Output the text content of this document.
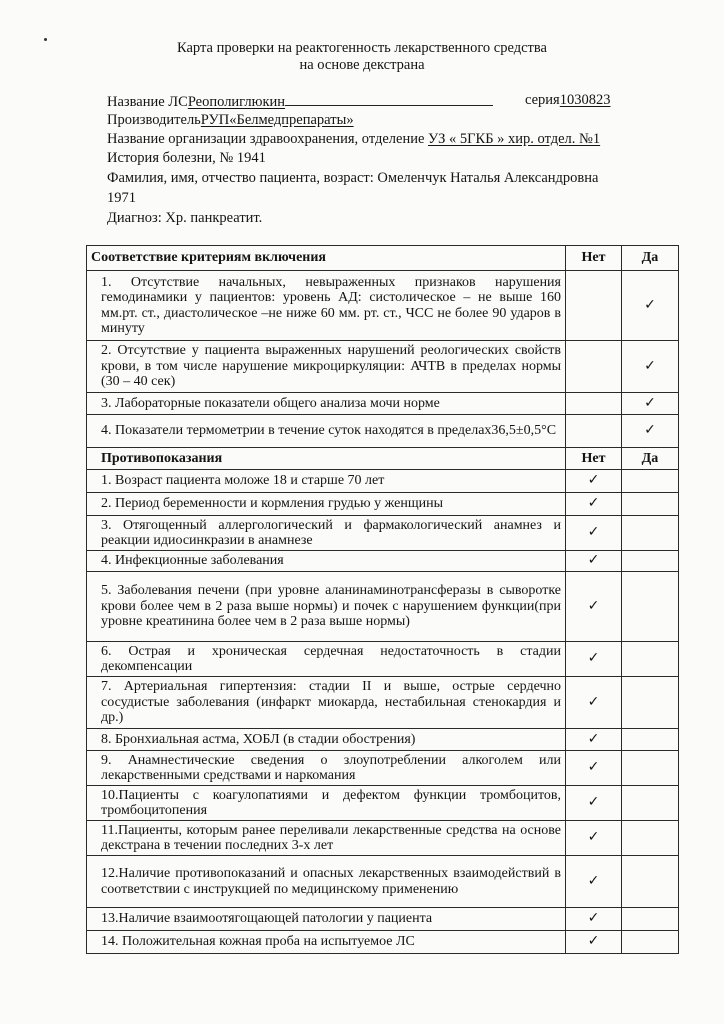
Карта проверки на реактогенность лекарственного средства
на основе декстрана
Название ЛСРеополиглюкин	серия1030823
ПроизводительРУП«Белмедпрепараты»
Название организации здравоохранения, отделение УЗ « 5ГКБ » хир. отдел. №1
История болезни, № 1941
Фамилия, имя, отчество пациента, возраст: Омеленчук Наталья Александровна
1971
Диагноз: Хр. панкреатит.
Соответствие критериям включения	Нет	Да
1. Отсутствие начальных, невыраженных признаков нарушения гемодинамики у пациентов: уровень АД: систолическое – не выше 160 мм.рт. ст., диастолическое –не ниже 60 мм. рт. ст., ЧСС не более 90 ударов в минуту		✓
2. Отсутствие у пациента выраженных нарушений реологических свойств крови, в том числе нарушение микроциркуляции: АЧТВ в пределах нормы (30 – 40 сек)		✓
3. Лабораторные показатели общего анализа мочи норме		✓
4. Показатели термометрии в течение суток находятся в пределах36,5±0,5°С		✓
Противопоказания	Нет	Да
1. Возраст пациента моложе 18 и старше 70 лет	✓	
2. Период беременности и кормления грудью у женщины	✓	
3. Отягощенный аллергологический и фармакологический анамнез и реакции идиосинкразии в анамнезе	✓	
4. Инфекционные заболевания	✓	
5. Заболевания печени (при уровне аланинаминотрансферазы в сыворотке крови более чем в 2 раза выше нормы) и почек с нарушением функции(при уровне креатинина более чем в 2 раза выше нормы)	✓	
6. Острая и хроническая сердечная недостаточность в стадии декомпенсации	✓	
7. Артериальная гипертензия: стадии II и выше, острые сердечно сосудистые заболевания (инфаркт миокарда, нестабильная стенокардия и др.)	✓	
8. Бронхиальная астма, ХОБЛ (в стадии обострения)	✓	
9. Анамнестические сведения о злоупотреблении алкоголем или лекарственными средствами и наркомания	✓	
10.Пациенты с коагулопатиями и дефектом функции тромбоцитов, тромбоцитопения	✓	
11.Пациенты, которым ранее переливали лекарственные средства на основе декстрана в течении последних 3-х лет	✓	
12.Наличие противопоказаний и опасных лекарственных взаимодействий в соответствии с инструкцией по медицинскому применению	✓	
13.Наличие взаимоотягощающей патологии у пациента	✓	
14. Положительная кожная проба на испытуемое ЛС	✓	
